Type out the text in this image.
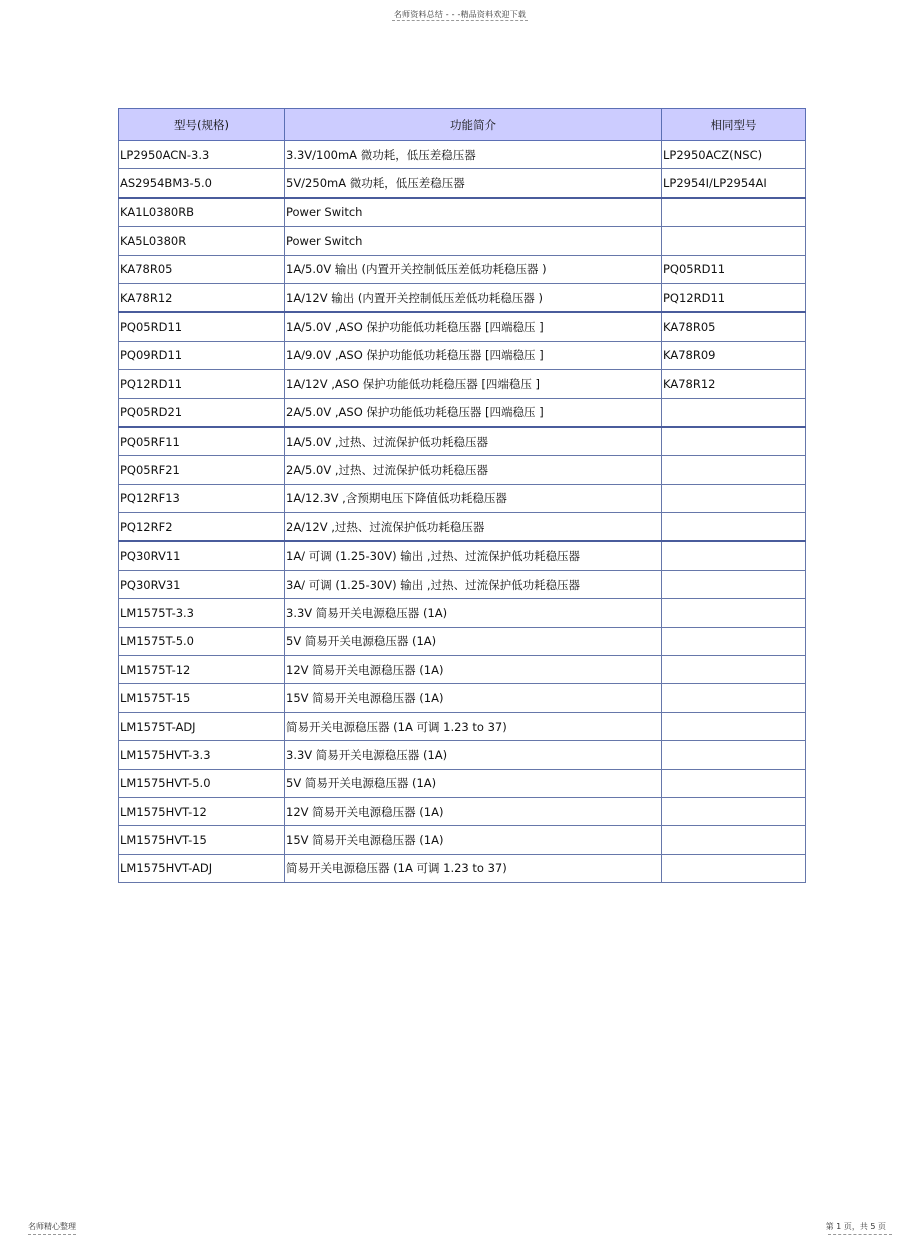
名师资料总结 - - -精品资料欢迎下载
型号(规格)	功能简介	相同型号
LP2950ACN-3.3	3.3V/100mA 微功耗，低压差稳压器	LP2950ACZ(NSC)
AS2954BM3-5.0	5V/250mA 微功耗，低压差稳压器	LP2954I/LP2954AI
KA1L0380RB	Power Switch	
KA5L0380R	Power Switch	
KA78R05	1A/5.0V 输出 (内置开关控制低压差低功耗稳压器 )	PQ05RD11
KA78R12	1A/12V 输出 (内置开关控制低压差低功耗稳压器 )	PQ12RD11
PQ05RD11	1A/5.0V ,ASO 保护功能低功耗稳压器 [四端稳压 ]	KA78R05
PQ09RD11	1A/9.0V ,ASO 保护功能低功耗稳压器 [四端稳压 ]	KA78R09
PQ12RD11	1A/12V ,ASO 保护功能低功耗稳压器 [四端稳压 ]	KA78R12
PQ05RD21	2A/5.0V ,ASO 保护功能低功耗稳压器 [四端稳压 ]	
PQ05RF11	1A/5.0V ,过热、过流保护低功耗稳压器	
PQ05RF21	2A/5.0V ,过热、过流保护低功耗稳压器	
PQ12RF13	1A/12.3V ,含预期电压下降值低功耗稳压器	
PQ12RF2	2A/12V ,过热、过流保护低功耗稳压器	
PQ30RV11	1A/ 可调 (1.25-30V) 输出 ,过热、过流保护低功耗稳压器	
PQ30RV31	3A/ 可调 (1.25-30V) 输出 ,过热、过流保护低功耗稳压器	
LM1575T-3.3	3.3V 简易开关电源稳压器 (1A)	
LM1575T-5.0	5V 简易开关电源稳压器 (1A)	
LM1575T-12	12V 简易开关电源稳压器 (1A)	
LM1575T-15	15V 简易开关电源稳压器 (1A)	
LM1575T-ADJ	简易开关电源稳压器 (1A 可调 1.23 to 37)	
LM1575HVT-3.3	3.3V 简易开关电源稳压器 (1A)	
LM1575HVT-5.0	5V 简易开关电源稳压器 (1A)	
LM1575HVT-12	12V 简易开关电源稳压器 (1A)	
LM1575HVT-15	15V 简易开关电源稳压器 (1A)	
LM1575HVT-ADJ	简易开关电源稳压器 (1A 可调 1.23 to 37)	
名师精心整理	第 1 页，共 5 页
